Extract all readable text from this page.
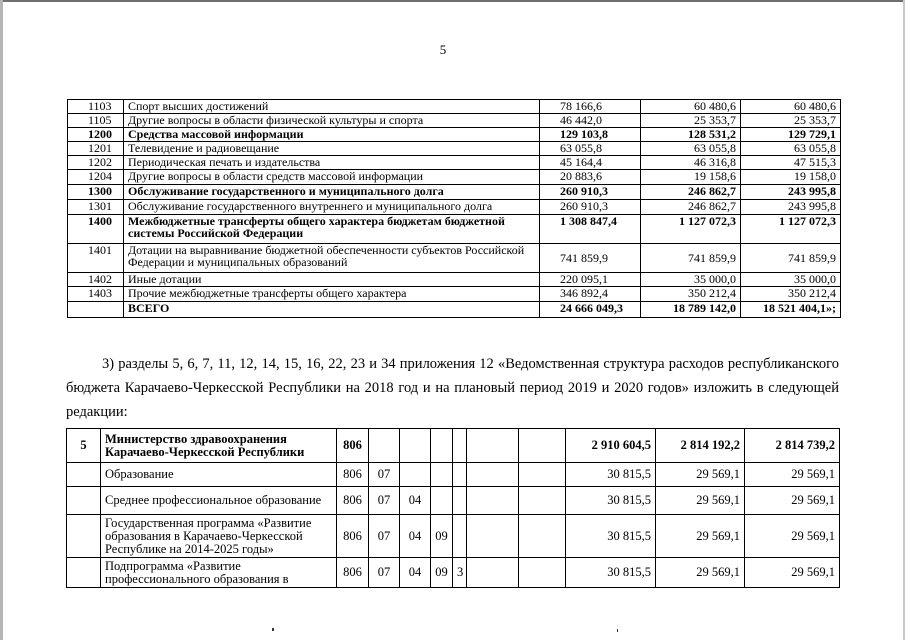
5
1103	Спорт высших достижений	78 166,6	60 480,6	60 480,6
1105	Другие вопросы в области физической культуры и спорта	46 442,0	25 353,7	25 353,7
1200	Средства массовой информации	129 103,8	128 531,2	129 729,1
1201	Телевидение и радиовещание	63 055,8	63 055,8	63 055,8
1202	Периодическая печать и издательства	45 164,4	46 316,8	47 515,3
1204	Другие вопросы в области средств массовой информации	20 883,6	19 158,6	19 158,0
1300	Обслуживание государственного и муниципального долга	260 910,3	246 862,7	243 995,8
1301	Обслуживание государственного внутреннего и муниципального долга	260 910,3	246 862,7	243 995,8
1400	Межбюджетные трансферты общего характера бюджетам бюджетной системы Российской Федерации	1 308 847,4	1 127 072,3	1 127 072,3
1401	Дотации на выравнивание бюджетной обеспеченности субъектов Российской Федерации и муниципальных образований	741 859,9	741 859,9	741 859,9
1402	Иные дотации	220 095,1	35 000,0	35 000,0
1403	Прочие межбюджетные трансферты общего характера	346 892,4	350 212,4	350 212,4
	ВСЕГО	24 666 049,3	18 789 142,0	18 521 404,1»;
3) разделы 5, 6, 7, 11, 12, 14, 15, 16, 22, 23 и 34 приложения 12 «Ведомственная структура расходов республиканского бюджета Карачаево-Черкесской Республики на 2018 год и на плановый период 2019 и 2020 годов» изложить в следующей редакции:
5	Министерство здравоохранения Карачаево-Черкесской Республики	806							2 910 604,5	2 814 192,2	2 814 739,2
	Образование	806	07						30 815,5	29 569,1	29 569,1
	Среднее профессиональное образование	806	07	04					30 815,5	29 569,1	29 569,1
	Государственная программа «Развитие образования в Карачаево-Черкесской Республике на 2014-2025 годы»	806	07	04	09				30 815,5	29 569,1	29 569,1
	Подпрограмма «Развитие профессионального образования в	806	07	04	09	3			30 815,5	29 569,1	29 569,1
